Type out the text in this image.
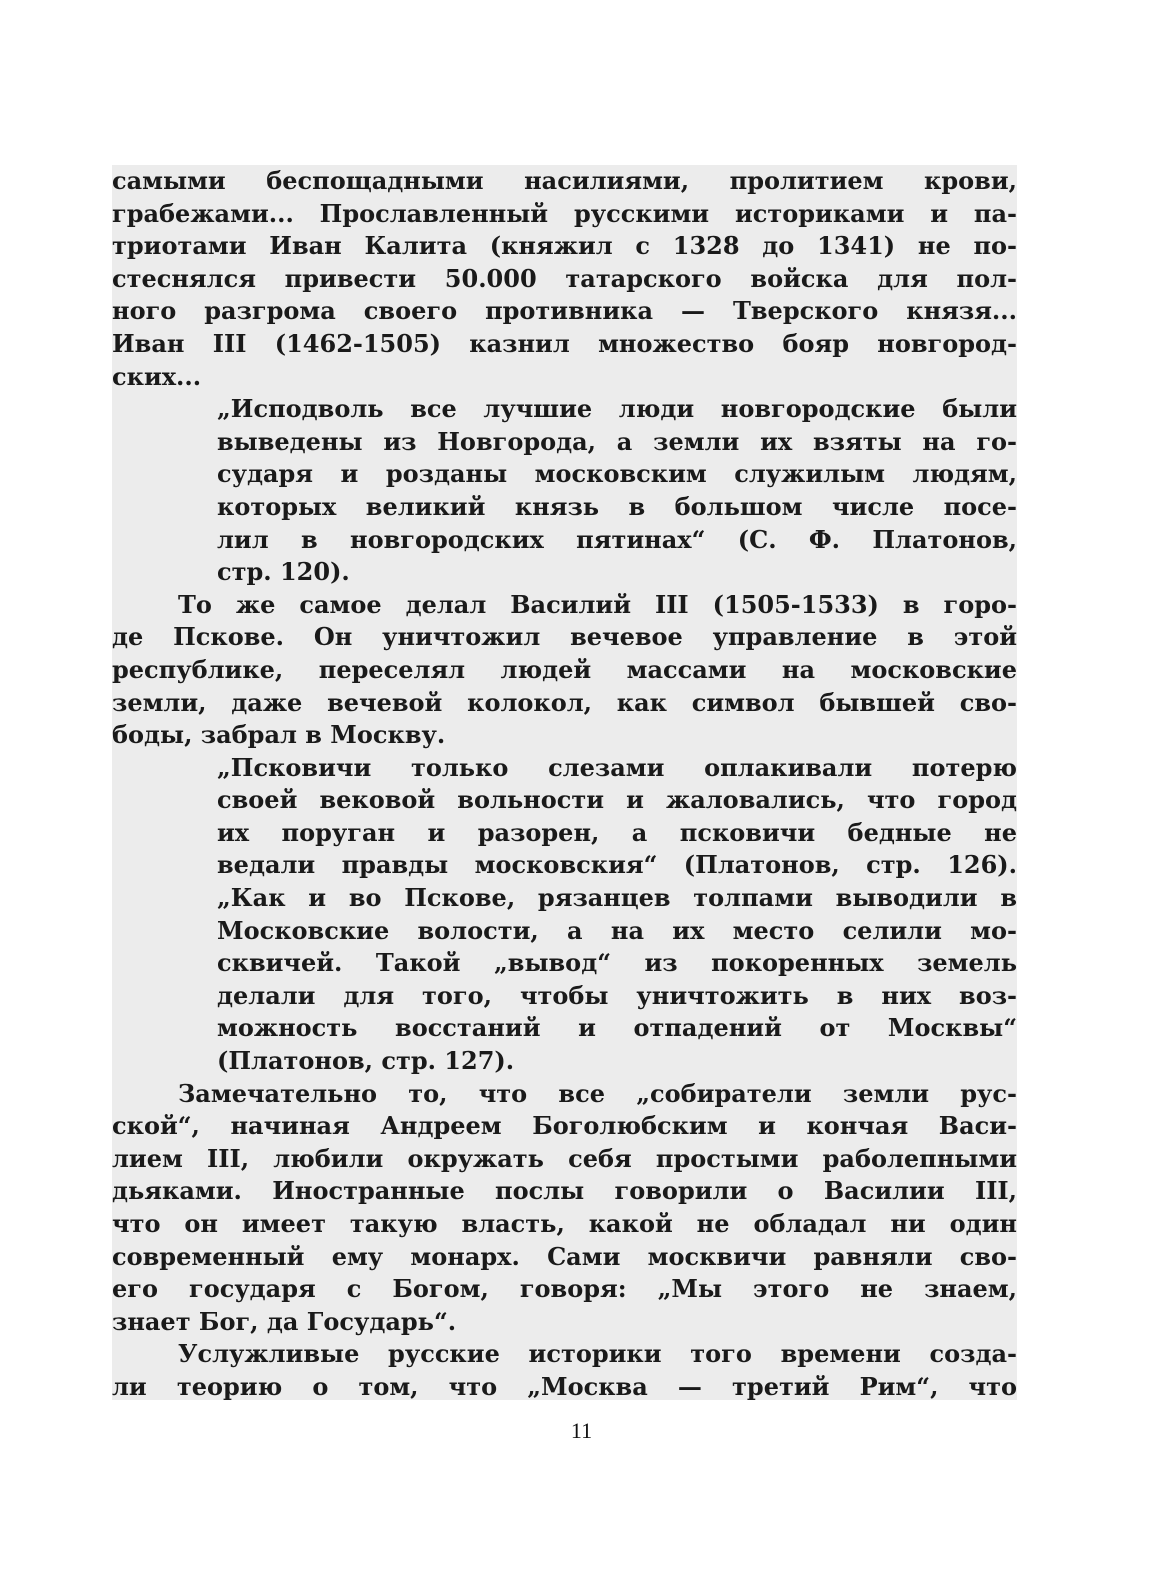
самыми беспощадными насилиями, пролитием крови,
грабежами... Прославленный русскими историками и па-
триотами Иван Калита (княжил с 1328 до 1341) не по-
стеснялся привести 50.000 татарского войска для пол-
ного разгрома своего противника — Тверского князя...
Иван III (1462-1505) казнил множество бояр новгород-
ских...
„Исподволь все лучшие люди новгородские были
выведены из Новгорода, а земли их взяты на го-
сударя и розданы московским служилым людям,
которых великий князь в большом числе посе-
лил в новгородских пятинах“ (С. Ф. Платонов,
стр. 120).
То же самое делал Василий III (1505-1533) в горо-
де Пскове. Он уничтожил вечевое управление в этой
республике, переселял людей массами на московские
земли, даже вечевой колокол, как символ бывшей сво-
боды, забрал в Москву.
„Псковичи только слезами оплакивали потерю
своей вековой вольности и жаловались, что город
их поруган и разорен, а псковичи бедные не
ведали правды московския“ (Платонов, стр. 126).
„Как и во Пскове, рязанцев толпами выводили в
Московские волости, а на их место селили мо-
сквичей. Такой „вывод“ из покоренных земель
делали для того, чтобы уничтожить в них воз-
можность восстаний и отпадений от Москвы“
(Платонов, стр. 127).
Замечательно то, что все „собиратели земли рус-
ской“, начиная Андреем Боголюбским и кончая Васи-
лием III, любили окружать себя простыми раболепными
дьяками. Иностранные послы говорили о Василии III,
что он имеет такую власть, какой не обладал ни один
современный ему монарх. Сами москвичи равняли сво-
его государя с Богом, говоря: „Мы этого не знаем,
знает Бог, да Государь“.
Услужливые русские историки того времени созда-
ли теорию о том, что „Москва — третий Рим“, что
11
